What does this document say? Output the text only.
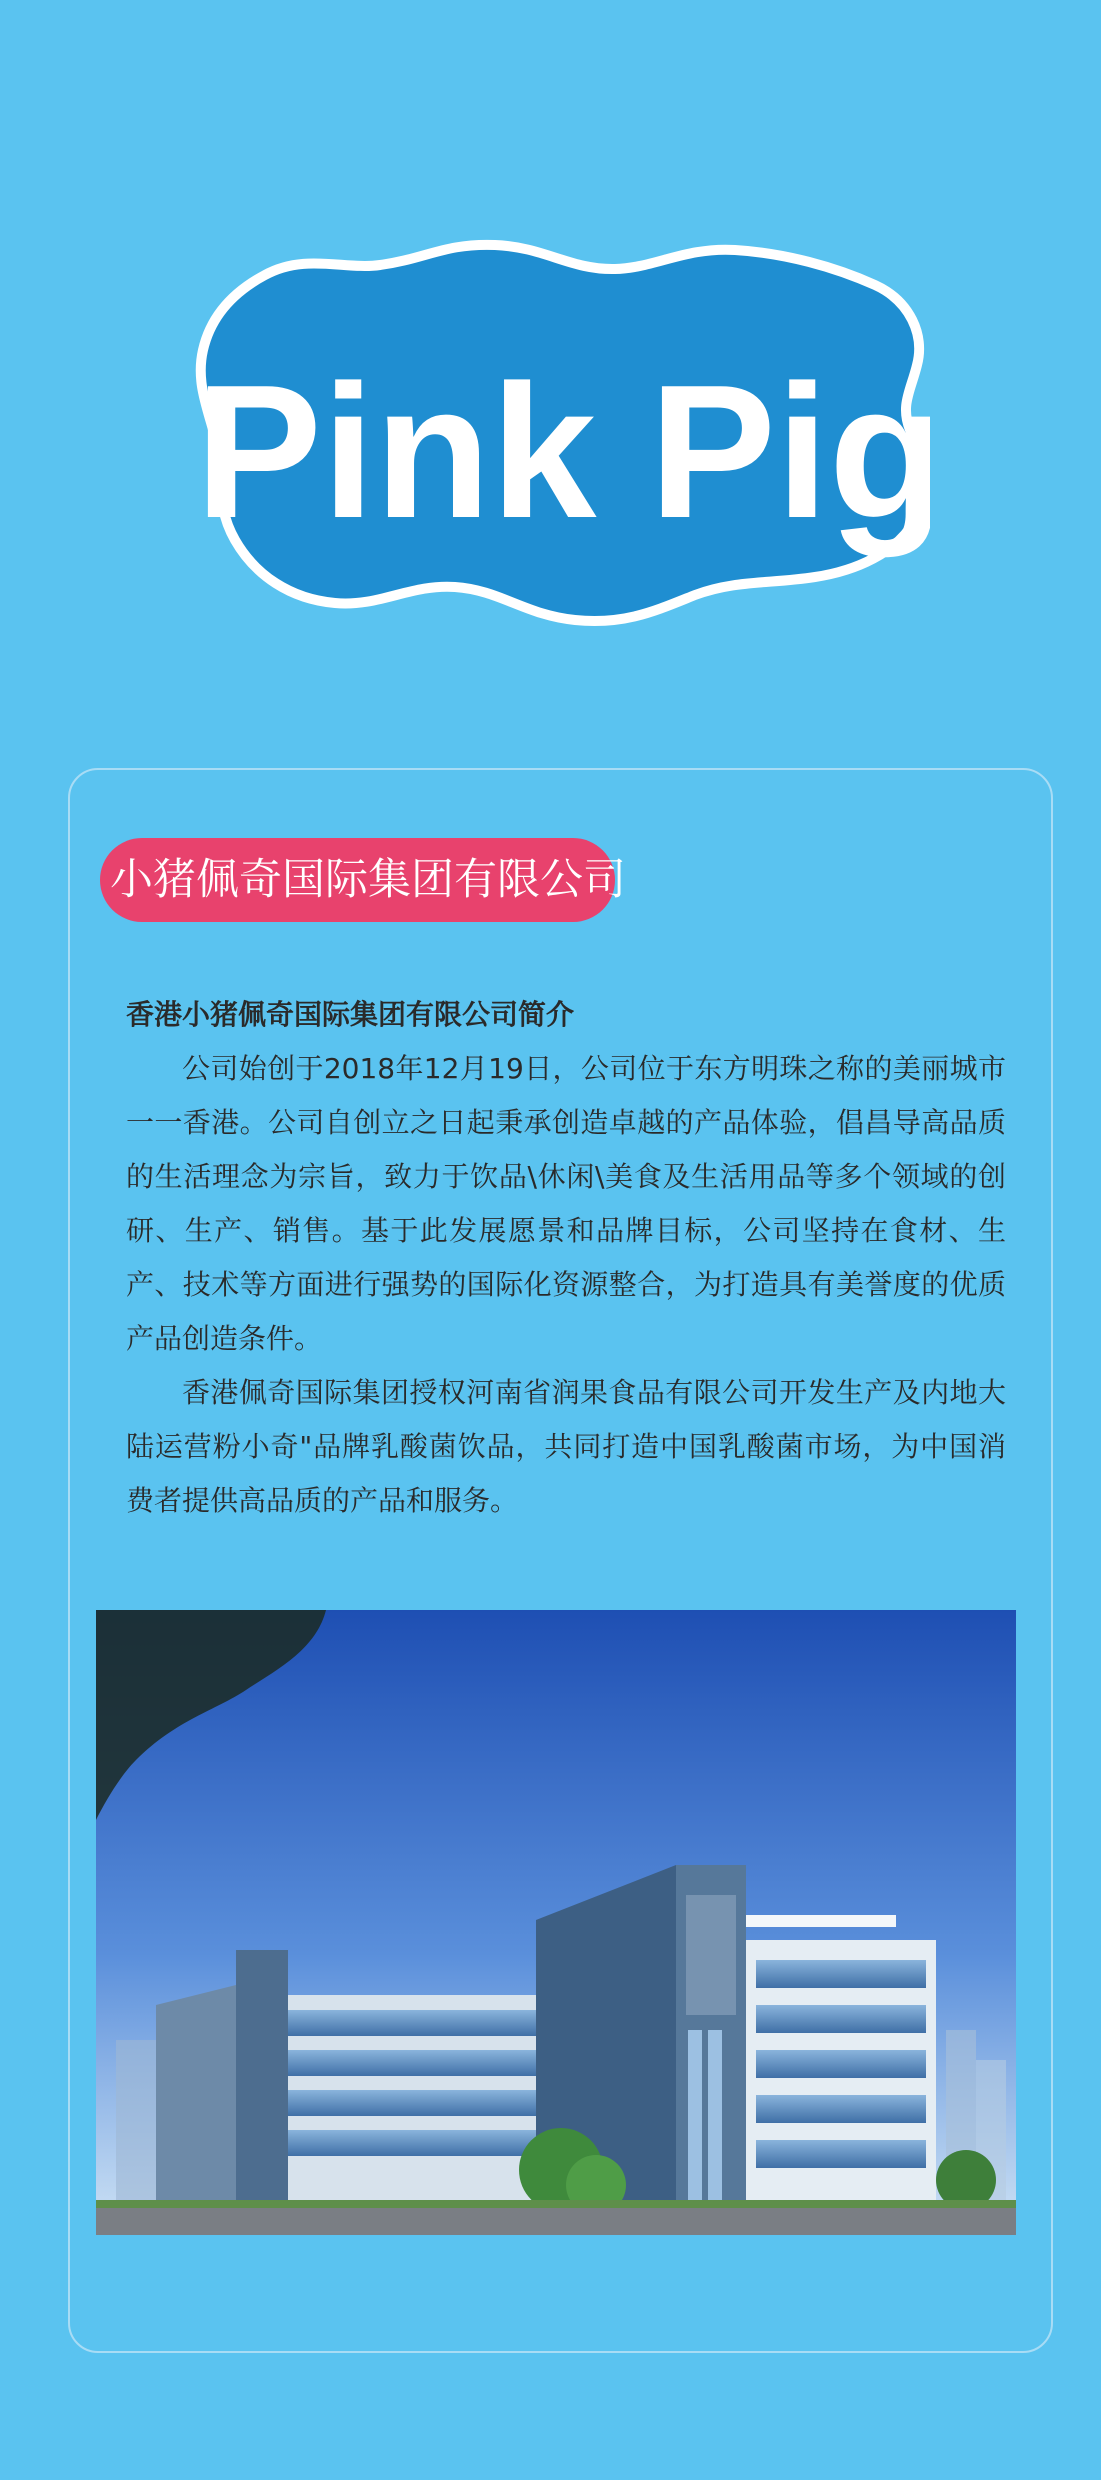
Pink Pig
小猪佩奇国际集团有限公司

香港小猪佩奇国际集团有限公司简介

公司始创于2018年12月19日，公司位于东方明珠之称的美丽城市一一香港。公司自创立之日起秉承创造卓越的产品体验，倡昌导高品质的生活理念为宗旨，致力于饮品\休闲\美食及生活用品等多个领域的创研、生产、销售。基于此发展愿景和品牌目标，公司坚持在食材、生产、技术等方面进行强势的国际化资源整合，为打造具有美誉度的优质产品创造条件。

香港佩奇国际集团授权河南省润果食品有限公司开发生产及内地大陆运营粉小奇"品牌乳酸菌饮品，共同打造中国乳酸菌市场，为中国消费者提供高品质的产品和服务。
